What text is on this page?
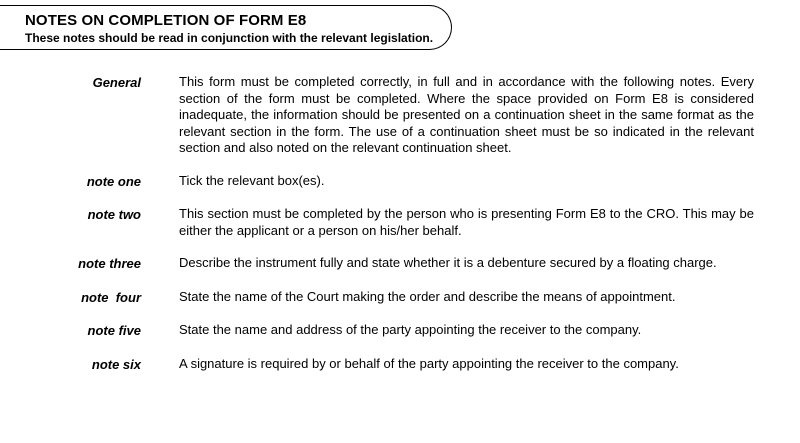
NOTES ON COMPLETION OF FORM E8
These notes should be read in conjunction with the relevant legislation.
General	This form must be completed correctly, in full and in accordance with the following notes. Every section of the form must be completed. Where the space provided on Form E8 is considered inadequate, the information should be presented on a continuation sheet in the same format as the relevant section in the form. The use of a continuation sheet must be so indicated in the relevant section and also noted on the relevant continuation sheet.
note one	Tick the relevant box(es).
note two	This section must be completed by the person who is presenting Form E8 to the CRO. This may be either the applicant or a person on his/her behalf.
note three	Describe the instrument fully and state whether it is a debenture secured by a floating charge.
note  four	State the name of the Court making the order and describe the means of appointment.
note five	State the name and address of the party appointing the receiver to the company.
note six	A signature is required by or behalf of the party appointing the receiver to the company.
